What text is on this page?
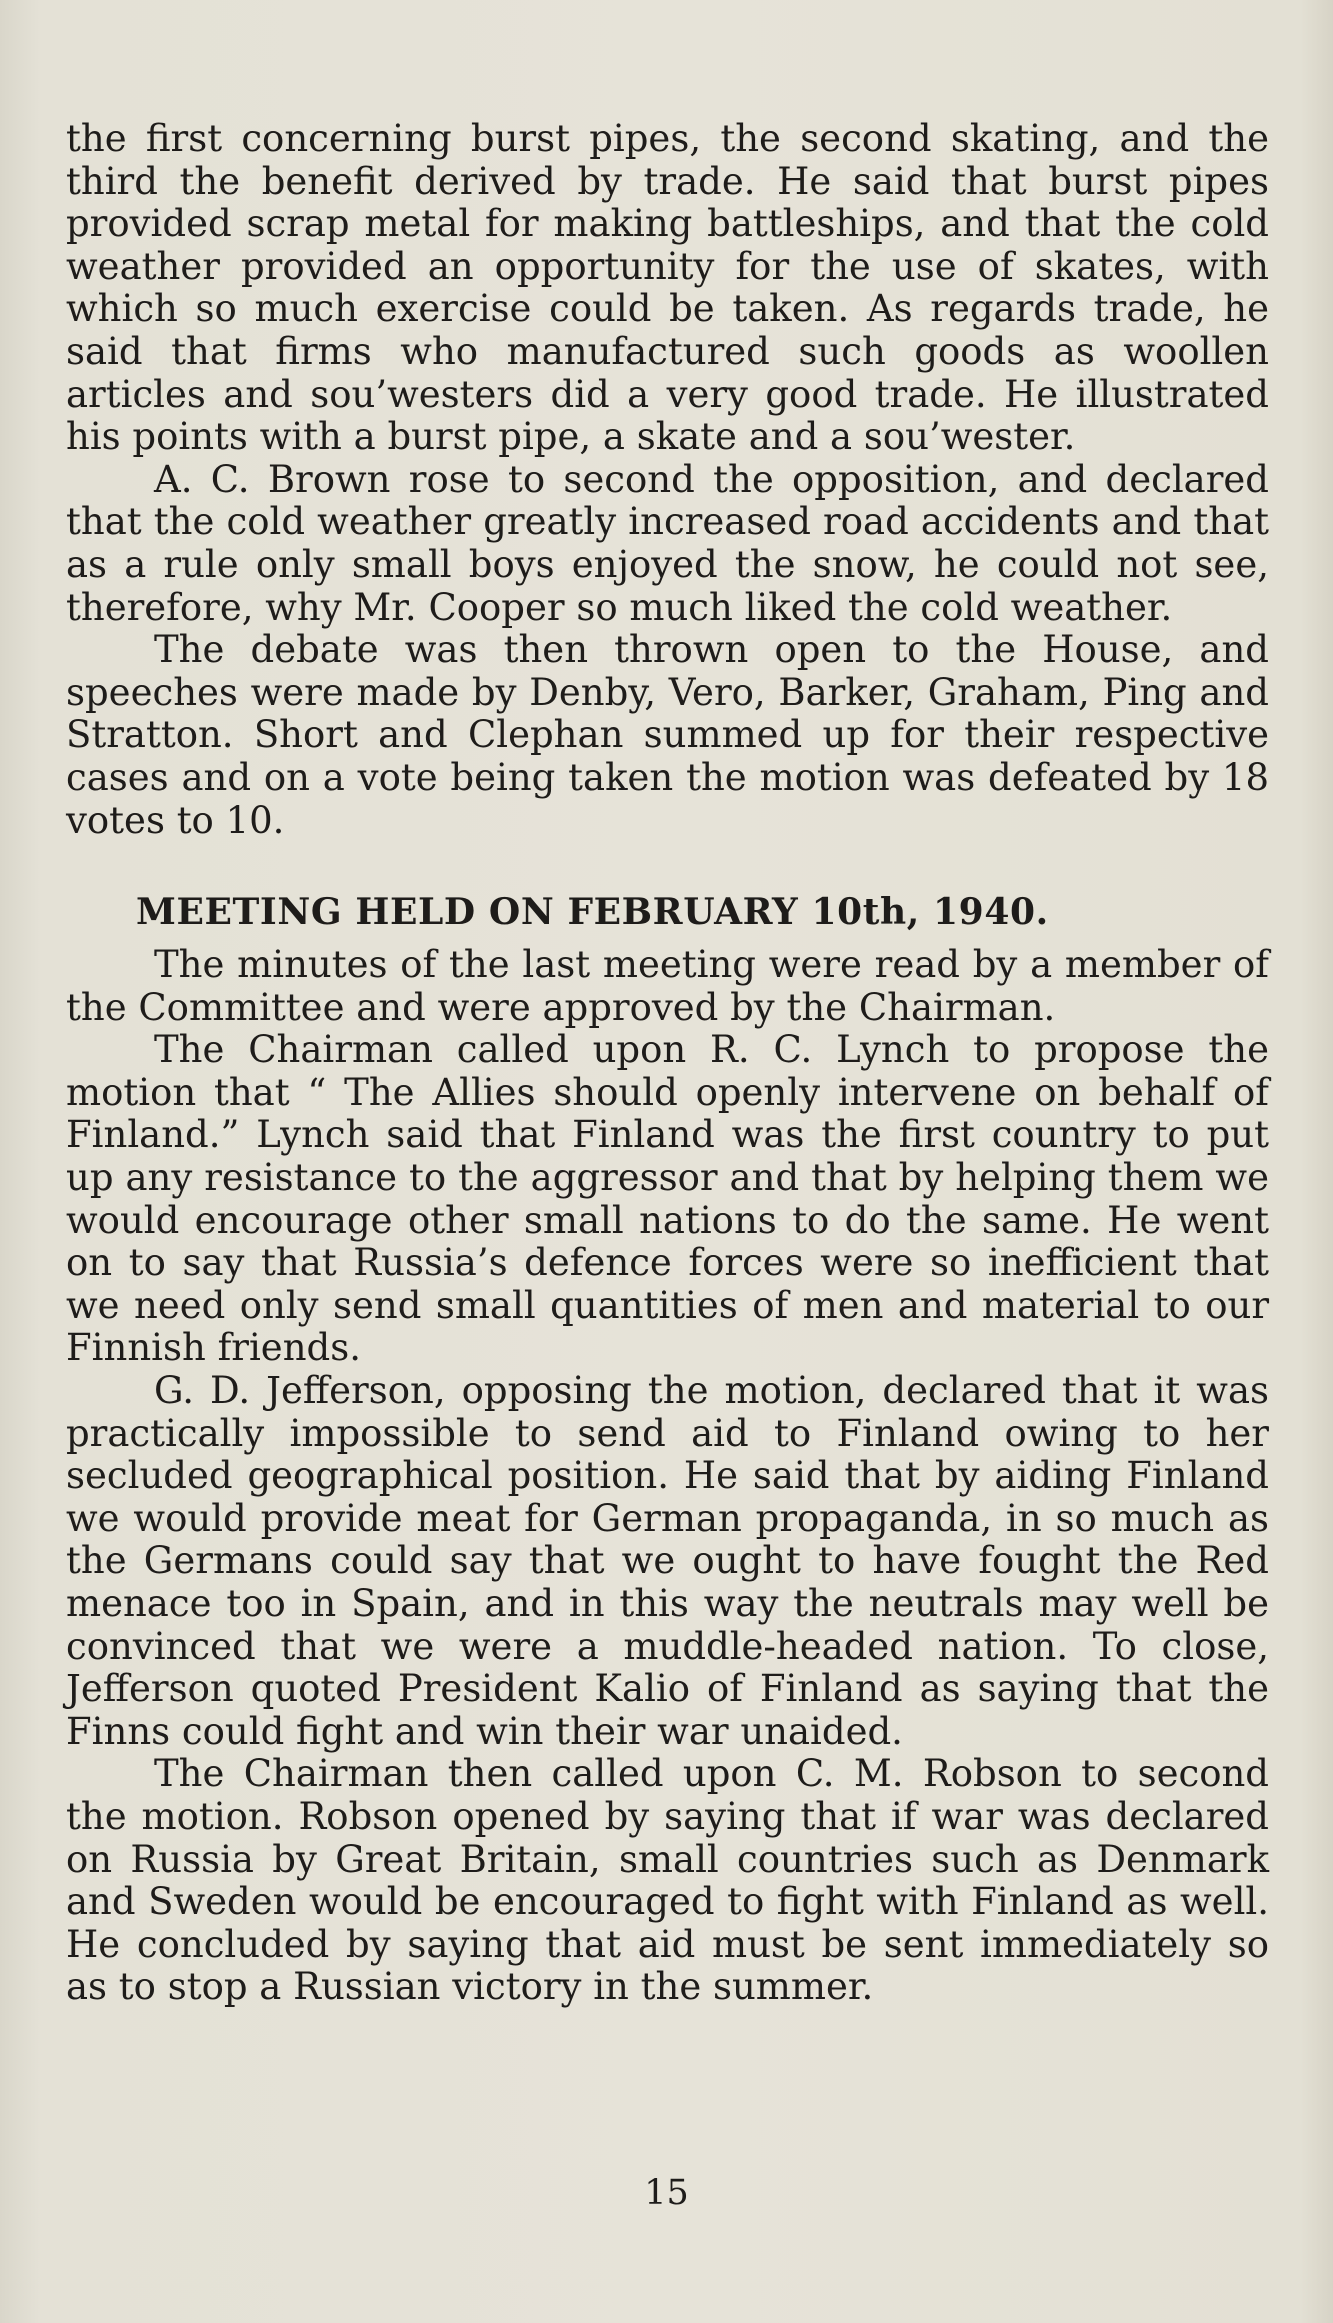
the first concerning burst pipes, the second skating, and the third the benefit derived by trade. He said that burst pipes provided scrap metal for making battleships, and that the cold weather provided an opportunity for the use of skates, with which so much exercise could be taken. As regards trade, he said that firms who manufactured such goods as woollen articles and sou’westers did a very good trade. He illustrated his points with a burst pipe, a skate and a sou’wester.

A. C. Brown rose to second the opposition, and declared that the cold weather greatly increased road accidents and that as a rule only small boys enjoyed the snow, he could not see, therefore, why Mr. Cooper so much liked the cold weather.

The debate was then thrown open to the House, and speeches were made by Denby, Vero, Barker, Graham, Ping and Stratton. Short and Clephan summed up for their respective cases and on a vote being taken the motion was defeated by 18 votes to 10.

MEETING HELD ON FEBRUARY 10th, 1940.

The minutes of the last meeting were read by a member of the Committee and were approved by the Chairman.

The Chairman called upon R. C. Lynch to propose the motion that “ The Allies should openly intervene on behalf of Finland.” Lynch said that Finland was the first country to put up any resistance to the aggressor and that by helping them we would encourage other small nations to do the same. He went on to say that Russia’s defence forces were so inefficient that we need only send small quantities of men and material to our Finnish friends.

G. D. Jefferson, opposing the motion, declared that it was practically impossible to send aid to Finland owing to her secluded geographical position. He said that by aiding Finland we would provide meat for German propaganda, in so much as the Germans could say that we ought to have fought the Red menace too in Spain, and in this way the neutrals may well be convinced that we were a muddle-headed nation. To close, Jefferson quoted President Kalio of Finland as saying that the Finns could fight and win their war unaided.

The Chairman then called upon C. M. Robson to second the motion. Robson opened by saying that if war was declared on Russia by Great Britain, small countries such as Denmark and Sweden would be encouraged to fight with Finland as well. He concluded by saying that aid must be sent immediately so as to stop a Russian victory in the summer.

15
